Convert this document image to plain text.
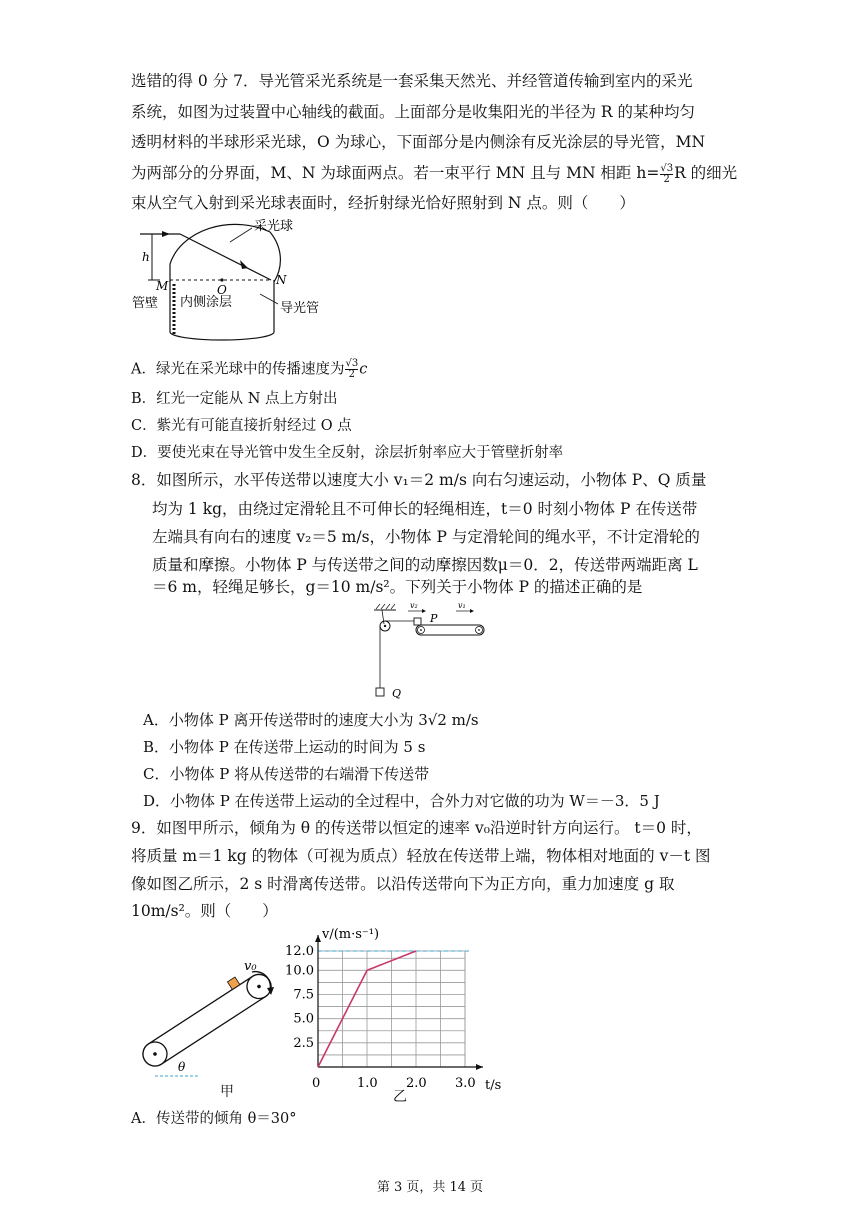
选错的得 0 分 7．导光管采光系统是一套采集天然光、并经管道传输到室内的采光
系统，如图为过装置中心轴线的截面。上面部分是收集阳光的半径为 R 的某种均匀
透明材料的半球形采光球，O 为球心，下面部分是内侧涂有反光涂层的导光管，MN
为两部分的分界面，M、N 为球面两点。若一束平行 MN 且与 MN 相距 $h= \frac{√3}{2}$ R 的细光
束从空气入射到采光球表面时，经折射绿光恰好照射到 N 点。则（　　）
h
采光球
O
N
M
管壁 内侧涂层	导光管
A．绿光在采光球中的传播速度为 $\frac{√3}{2}$ c
B．红光一定能从 N 点上方射出
C．紫光有可能直接折射经过 O 点
D．要使光束在导光管中发生全反射，涂层折射率应大于管壁折射率
8．如图所示，水平传送带以速度大小 v₁＝2 m/s 向右匀速运动，小物体 P、Q 质量
均为 1 kg，由绕过定滑轮且不可伸长的轻绳相连，t＝0 时刻小物体 P 在传送带
左端具有向右的速度 v₂＝5 m/s，小物体 P 与定滑轮间的绳水平，不计定滑轮的
质量和摩擦。小物体 P 与传送带之间的动摩擦因数μ＝0．2，传送带两端距离 L
＝6 m，轻绳足够长，g＝10 m/s²。下列关于小物体 P 的描述正确的是
Q
P
v₂	v₁
A．小物体 P 离开传送带时的速度大小为 3√2 m/s
B．小物体 P 在传送带上运动的时间为 5 s
C．小物体 P 将从传送带的右端滑下传送带
D．小物体 P 在传送带上运动的全过程中，合外力对它做的功为 W＝－3．5 J
9．如图甲所示，倾角为 θ 的传送带以恒定的速率 v₀沿逆时针方向运行。 t＝0 时，
将质量 m＝1 kg 的物体（可视为质点）轻放在传送带上端，物体相对地面的 v－t 图
像如图乙所示，2 s 时滑离传送带。以沿传送带向下为正方向，重力加速度 g 取
10m/s²。则（　　）
v₀
θ
甲
0	1.0 2.0 3.0
2.5
5.0
7.5
10.0
12.0
v/(m·s⁻¹)
t/s
乙
A．传送带的倾角 θ＝30°
第 3 页，共 14 页
